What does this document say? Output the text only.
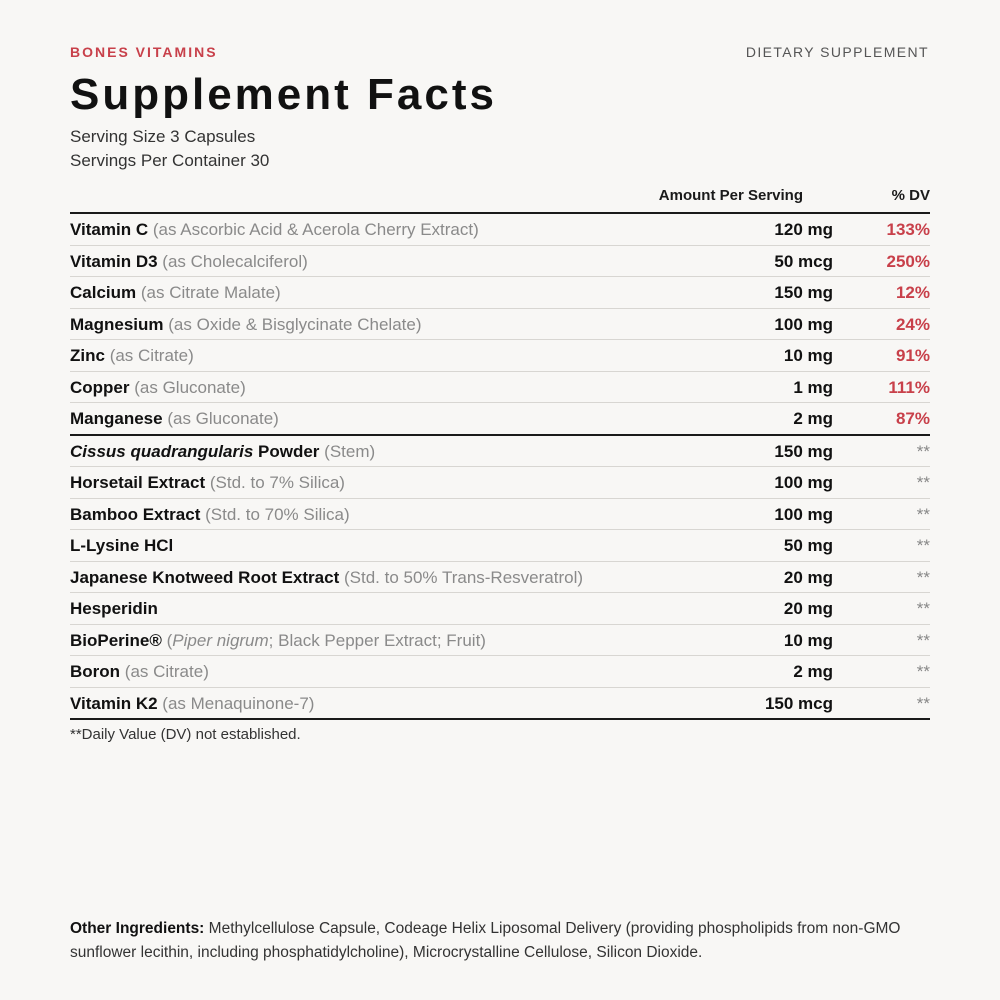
BONES VITAMINS	DIETARY SUPPLEMENT
Supplement Facts
Serving Size 3 Capsules
Servings Per Container 30
Amount Per Serving	% DV
Vitamin C (as Ascorbic Acid & Acerola Cherry Extract)	120 mg	133%
Vitamin D3 (as Cholecalciferol)	50 mcg	250%
Calcium (as Citrate Malate)	150 mg	12%
Magnesium (as Oxide & Bisglycinate Chelate)	100 mg	24%
Zinc (as Citrate)	10 mg	91%
Copper (as Gluconate)	1 mg	111%
Manganese (as Gluconate)	2 mg	87%
Cissus quadrangularis Powder (Stem)	150 mg	**
Horsetail Extract (Std. to 7% Silica)	100 mg	**
Bamboo Extract (Std. to 70% Silica)	100 mg	**
L-Lysine HCl	50 mg	**
Japanese Knotweed Root Extract (Std. to 50% Trans-Resveratrol)	20 mg	**
Hesperidin	20 mg	**
BioPerine® (Piper nigrum; Black Pepper Extract; Fruit)	10 mg	**
Boron (as Citrate)	2 mg	**
Vitamin K2 (as Menaquinone-7)	150 mcg	**
**Daily Value (DV) not established.
Other Ingredients: Methylcellulose Capsule, Codeage Helix Liposomal Delivery (providing phospholipids from non-GMO sunflower lecithin, including phosphatidylcholine), Microcrystalline Cellulose, Silicon Dioxide.
